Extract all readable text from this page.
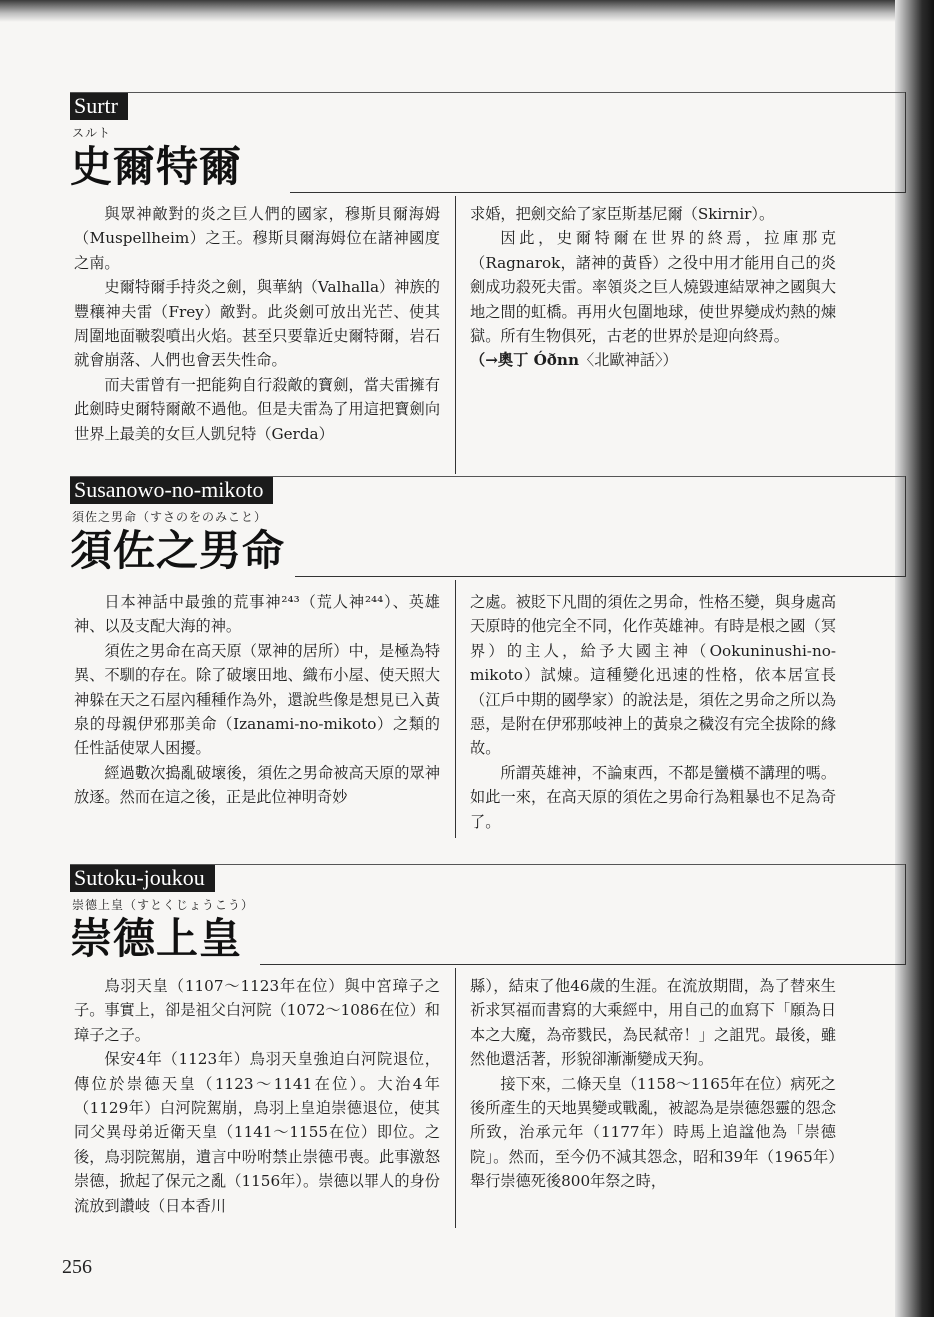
Surtr
スルト
史爾特爾

與眾神敵對的炎之巨人們的國家，穆斯貝爾海姆（Muspellheim）之王。穆斯貝爾海姆位在諸神國度之南。

史爾特爾手持炎之劍，與華納（Valhalla）神族的豐穰神夫雷（Frey）敵對。此炎劍可放出光芒、使其周圍地面皸裂噴出火焰。甚至只要靠近史爾特爾，岩石就會崩落、人們也會丟失性命。

而夫雷曾有一把能夠自行殺敵的寶劍，當夫雷擁有此劍時史爾特爾敵不過他。但是夫雷為了用這把寶劍向世界上最美的女巨人凱兒特（Gerda）

求婚，把劍交給了家臣斯基尼爾（Skirnir）。

因此，史爾特爾在世界的終焉，拉庫那克（Ragnarok，諸神的黃昏）之役中用才能用自己的炎劍成功殺死夫雷。率領炎之巨人燒毀連結眾神之國與大地之間的虹橋。再用火包圍地球，使世界變成灼熱的煉獄。所有生物俱死，古老的世界於是迎向終焉。

（→奧丁 Óðnn〈北歐神話〉）

Susanowo-no-mikoto
須佐之男命（すさのをのみこと）
須佐之男命

日本神話中最強的荒事神²⁴³（荒人神²⁴⁴）、英雄神、以及支配大海的神。

須佐之男命在高天原（眾神的居所）中，是極為特異、不馴的存在。除了破壞田地、織布小屋、使天照大神躲在天之石屋內種種作為外，還說些像是想見已入黃泉的母親伊邪那美命（Izanami-no-mikoto）之類的任性話使眾人困擾。

經過數次搗亂破壞後，須佐之男命被高天原的眾神放逐。然而在這之後，正是此位神明奇妙

之處。被貶下凡間的須佐之男命，性格丕變，與身處高天原時的他完全不同，化作英雄神。有時是根之國（冥界）的主人，給予大國主神（Ookuninushi-no-mikoto）試煉。這種變化迅速的性格，依本居宣長（江戶中期的國學家）的說法是，須佐之男命之所以為惡，是附在伊邪那岐神上的黃泉之穢沒有完全拔除的緣故。

所謂英雄神，不論東西，不都是蠻橫不講理的嗎。如此一來，在高天原的須佐之男命行為粗暴也不足為奇了。

Sutoku-joukou
崇德上皇（すとくじょうこう）
崇德上皇

鳥羽天皇（1107～1123年在位）與中宮璋子之子。事實上，卻是祖父白河院（1072～1086在位）和璋子之子。

保安4年（1123年）鳥羽天皇強迫白河院退位，傳位於崇德天皇（1123～1141在位）。大治4年（1129年）白河院駕崩，鳥羽上皇迫崇德退位，使其同父異母弟近衛天皇（1141～1155在位）即位。之後，鳥羽院駕崩，遺言中吩咐禁止崇德弔喪。此事激怒崇德，掀起了保元之亂（1156年）。崇德以罪人的身份流放到讚岐（日本香川

縣），結束了他46歲的生涯。在流放期間，為了替來生祈求冥福而書寫的大乘經中，用自己的血寫下「願為日本之大魔，為帝戮民，為民弒帝！」之詛咒。最後，雖然他還活著，形貌卻漸漸變成天狗。

接下來，二條天皇（1158～1165年在位）病死之後所產生的天地異變或戰亂，被認為是崇德怨靈的怨念所致，治承元年（1177年）時馬上追諡他為「崇德院」。然而，至今仍不減其怨念，昭和39年（1965年）舉行崇德死後800年祭之時，

256
